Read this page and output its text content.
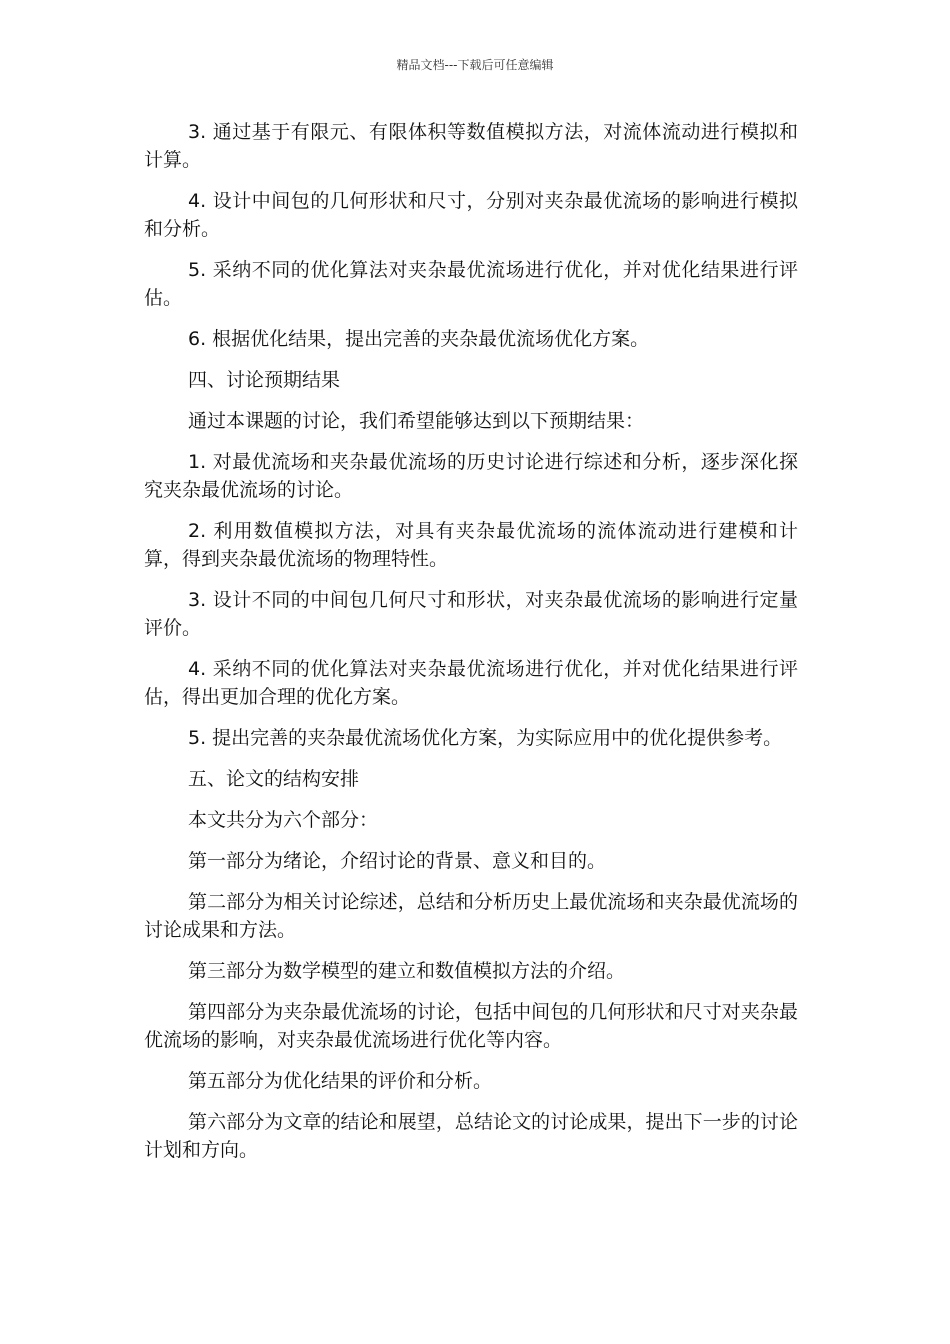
精品文档---下载后可任意编辑

3. 通过基于有限元、有限体积等数值模拟方法，对流体流动进行模拟和计算。

4. 设计中间包的几何形状和尺寸，分别对夹杂最优流场的影响进行模拟和分析。

5. 采纳不同的优化算法对夹杂最优流场进行优化，并对优化结果进行评估。

6. 根据优化结果，提出完善的夹杂最优流场优化方案。

四、讨论预期结果

通过本课题的讨论，我们希望能够达到以下预期结果：

1. 对最优流场和夹杂最优流场的历史讨论进行综述和分析，逐步深化探究夹杂最优流场的讨论。

2. 利用数值模拟方法，对具有夹杂最优流场的流体流动进行建模和计算，得到夹杂最优流场的物理特性。

3. 设计不同的中间包几何尺寸和形状，对夹杂最优流场的影响进行定量评价。

4. 采纳不同的优化算法对夹杂最优流场进行优化，并对优化结果进行评估，得出更加合理的优化方案。

5. 提出完善的夹杂最优流场优化方案，为实际应用中的优化提供参考。

五、论文的结构安排

本文共分为六个部分：

第一部分为绪论，介绍讨论的背景、意义和目的。

第二部分为相关讨论综述，总结和分析历史上最优流场和夹杂最优流场的讨论成果和方法。

第三部分为数学模型的建立和数值模拟方法的介绍。

第四部分为夹杂最优流场的讨论，包括中间包的几何形状和尺寸对夹杂最优流场的影响，对夹杂最优流场进行优化等内容。

第五部分为优化结果的评价和分析。

第六部分为文章的结论和展望，总结论文的讨论成果，提出下一步的讨论计划和方向。
